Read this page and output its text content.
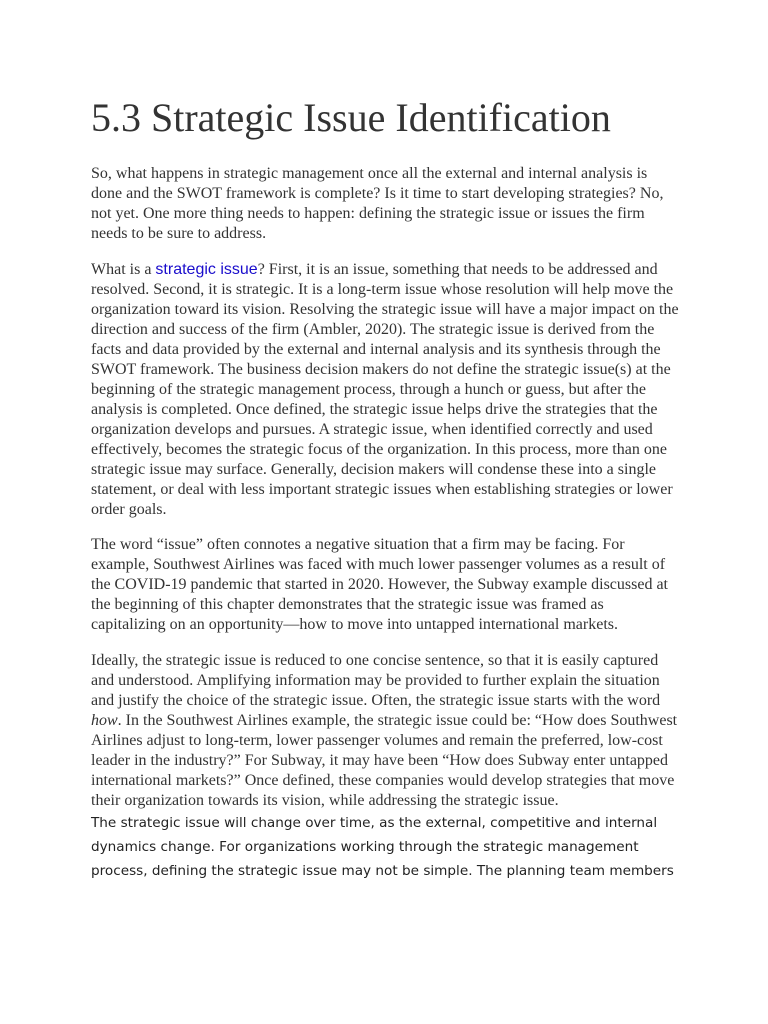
5.3 Strategic Issue Identification

So, what happens in strategic management once all the external and internal analysis is done and the SWOT framework is complete? Is it time to start developing strategies? No, not yet. One more thing needs to happen: defining the strategic issue or issues the firm needs to be sure to address.

What is a strategic issue? First, it is an issue, something that needs to be addressed and resolved. Second, it is strategic. It is a long-term issue whose resolution will help move the organization toward its vision. Resolving the strategic issue will have a major impact on the direction and success of the firm (Ambler, 2020). The strategic issue is derived from the facts and data provided by the external and internal analysis and its synthesis through the SWOT framework. The business decision makers do not define the strategic issue(s) at the beginning of the strategic management process, through a hunch or guess, but after the analysis is completed. Once defined, the strategic issue helps drive the strategies that the organization develops and pursues. A strategic issue, when identified correctly and used effectively, becomes the strategic focus of the organization. In this process, more than one strategic issue may surface. Generally, decision makers will condense these into a single statement, or deal with less important strategic issues when establishing strategies or lower order goals.

The word “issue” often connotes a negative situation that a firm may be facing. For example, Southwest Airlines was faced with much lower passenger volumes as a result of the COVID-19 pandemic that started in 2020. However, the Subway example discussed at the beginning of this chapter demonstrates that the strategic issue was framed as capitalizing on an opportunity—how to move into untapped international markets.

Ideally, the strategic issue is reduced to one concise sentence, so that it is easily captured and understood. Amplifying information may be provided to further explain the situation and justify the choice of the strategic issue. Often, the strategic issue starts with the word how. In the Southwest Airlines example, the strategic issue could be: “How does Southwest Airlines adjust to long-term, lower passenger volumes and remain the preferred, low-cost leader in the industry?” For Subway, it may have been “How does Subway enter untapped international markets?” Once defined, these companies would develop strategies that move their organization towards its vision, while addressing the strategic issue.

The strategic issue will change over time, as the external, competitive and internal

dynamics change. For organizations working through the strategic management

process, defining the strategic issue may not be simple. The planning team members
